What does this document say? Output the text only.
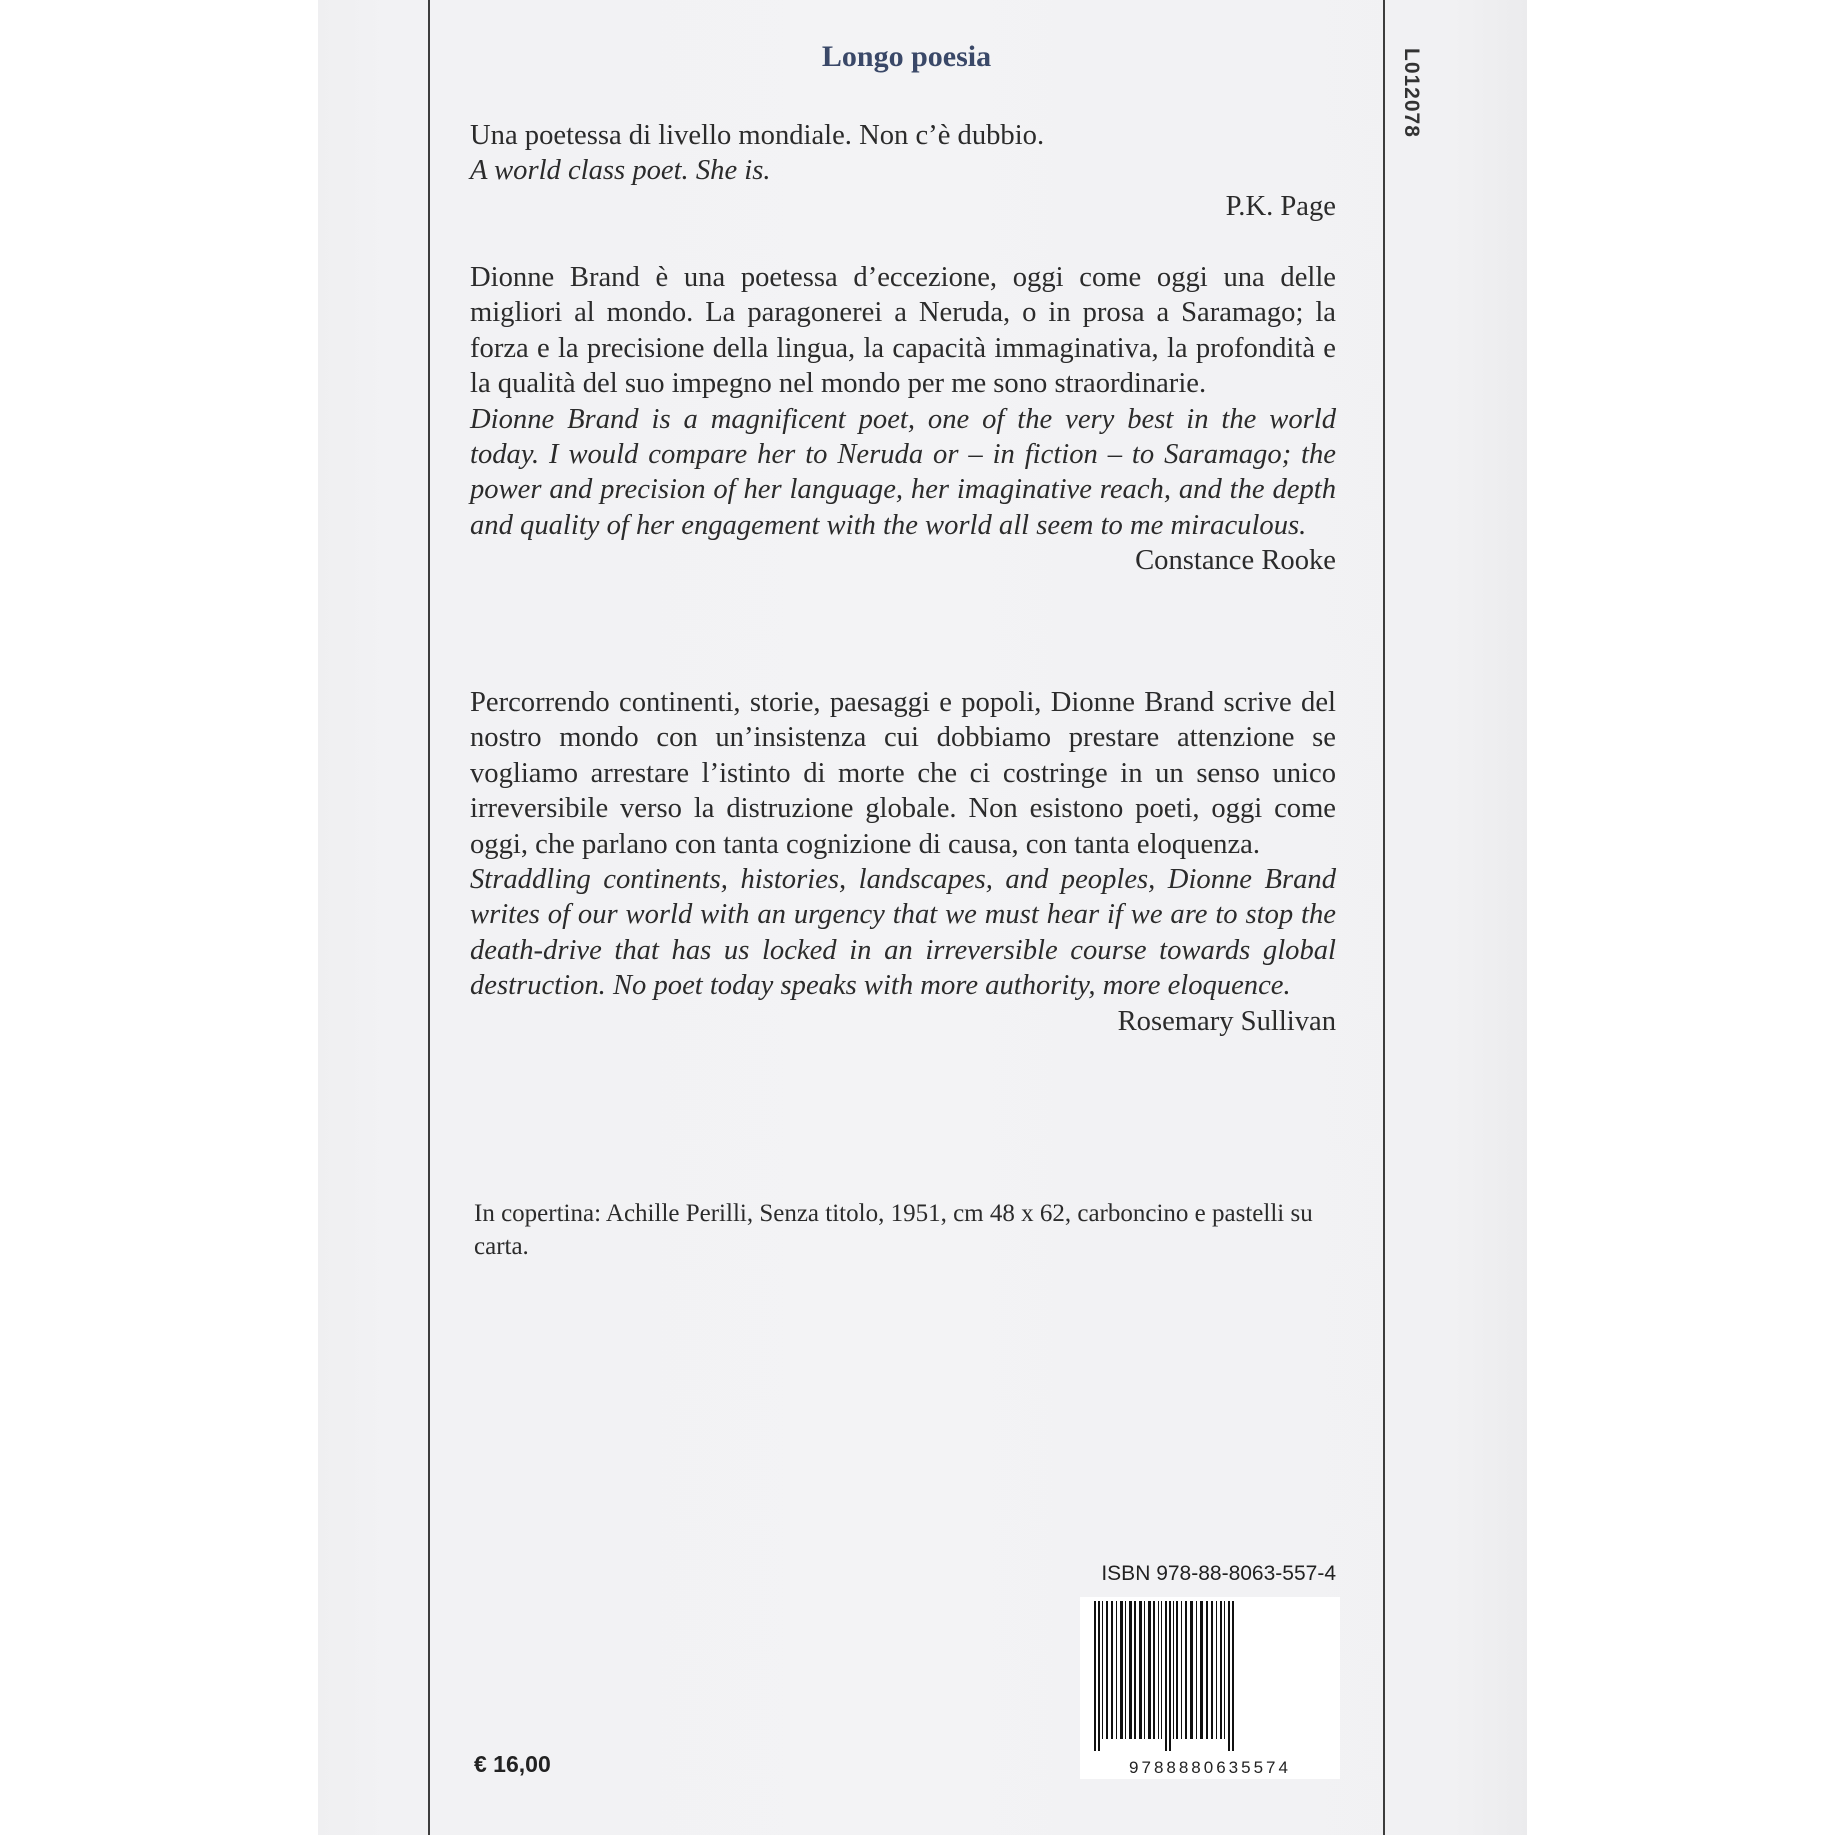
Longo poesia	L012078

Una poetessa di livello mondiale. Non c’è dubbio.

A world class poet. She is.

P.K. Page

Dionne Brand è una poetessa d’eccezione, oggi come oggi una delle migliori al mondo. La paragonerei a Neruda, o in prosa a Saramago; la forza e la precisione della lingua, la capacità immaginativa, la profondità e la qualità del suo impegno nel mondo per me sono straordinarie.

Dionne Brand is a magnificent poet, one of the very best in the world today. I would compare her to Neruda or – in fiction – to Saramago; the power and precision of her language, her imaginative reach, and the depth and quality of her engagement with the world all seem to me miraculous.

Constance Rooke

Percorrendo continenti, storie, paesaggi e popoli, Dionne Brand scrive del nostro mondo con un’insistenza cui dobbiamo prestare attenzione se vogliamo arrestare l’istinto di morte che ci costringe in un senso unico irreversibile verso la distruzione globale. Non esistono poeti, oggi come oggi, che parlano con tanta cognizione di causa, con tanta eloquenza.

Straddling continents, histories, landscapes, and peoples, Dionne Brand writes of our world with an urgency that we must hear if we are to stop the death-drive that has us locked in an irreversible course towards global destruction. No poet today speaks with more authority, more eloquence.

Rosemary Sullivan

In copertina: Achille Perilli, Senza titolo, 1951, cm 48 x 62, carboncino e pastelli su carta.
ISBN 978-88-8063-557-4
9788880635574
€ 16,00
